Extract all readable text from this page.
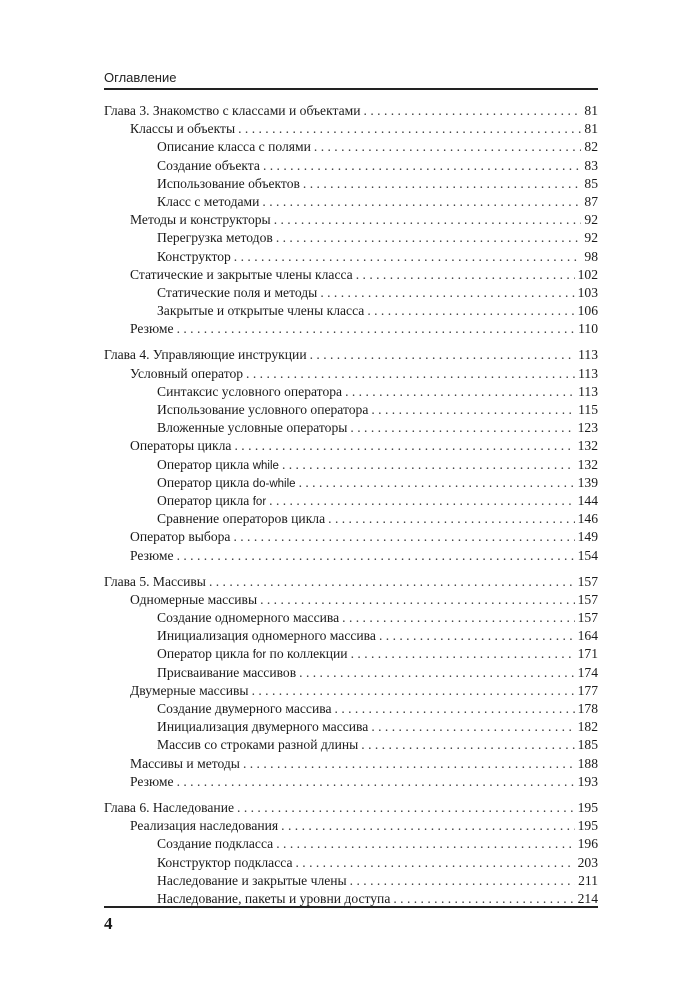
Оглавление
Глава 3. Знакомство с классами и объектами . . .	81
Классы и объекты . . .	81
Описание класса с полями . . .	82
Создание объекта . . .	83
Использование объектов . . .	85
Класс с методами . . .	87
Методы и конструкторы . . .	92
Перегрузка методов . . .	92
Конструктор . . .	98
Статические и закрытые члены класса . . .	102
Статические поля и методы . . .	103
Закрытые и открытые члены класса . . .	106
Резюме . . .	110
Глава 4. Управляющие инструкции . . .	113
Условный оператор . . .	113
Синтаксис условного оператора . . .	113
Использование условного оператора . . .	115
Вложенные условные операторы . . .	123
Операторы цикла . . .	132
Оператор цикла while . . .	132
Оператор цикла do-while . . .	139
Оператор цикла for . . .	144
Сравнение операторов цикла . . .	146
Оператор выбора . . .	149
Резюме . . .	154
Глава 5. Массивы . . .	157
Одномерные массивы . . .	157
Создание одномерного массива . . .	157
Инициализация одномерного массива . . .	164
Оператор цикла for по коллекции . . .	171
Присваивание массивов . . .	174
Двумерные массивы . . .	177
Создание двумерного массива . . .	178
Инициализация двумерного массива . . .	182
Массив со строками разной длины . . .	185
Массивы и методы . . .	188
Резюме . . .	193
Глава 6. Наследование . . .	195
Реализация наследования . . .	195
Создание подкласса . . .	196
Конструктор подкласса . . .	203
Наследование и закрытые члены . . .	211
Наследование, пакеты и уровни доступа . . .	214
4
